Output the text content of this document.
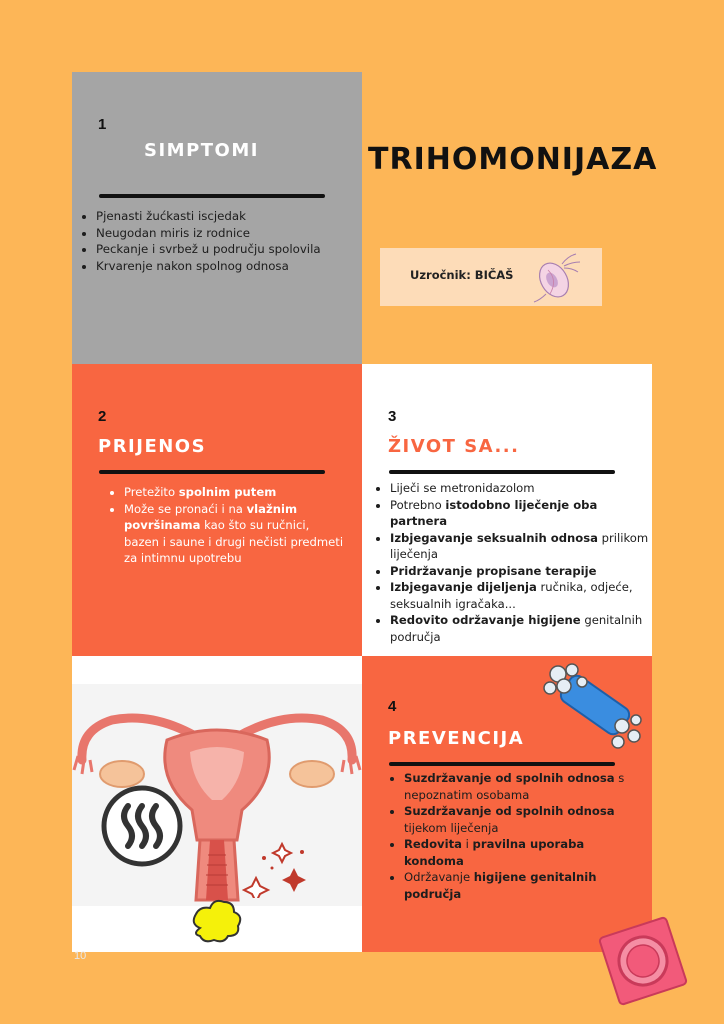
1
SIMPTOMI
• Pjenasti žućkasti iscjedak
• Neugodan miris iz rodnice
• Peckanje i svrbež u području spolovila
• Krvarenje nakon spolnog odnosa
TRIHOMONIJAZA
Uzročnik: BIČAŠ
2
PRIJENOS
• Pretežito spolnim putem
• Može se pronaći i na vlažnim površinama kao što su ručnici, bazen i saune i drugi nečisti predmeti za intimnu upotrebu
3
ŽIVOT SA...
• Liječi se metronidazolom
• Potrebno istodobno liječenje oba partnera
• Izbjegavanje seksualnih odnosa prilikom liječenja
• Pridržavanje propisane terapije
• Izbjegavanje dijeljenja ručnika, odjeće, seksualnih igračaka...
• Redovito održavanje higijene genitalnih područja
4
PREVENCIJA
• Suzdržavanje od spolnih odnosa s nepoznatim osobama
• Suzdržavanje od spolnih odnosa tijekom liječenja
• Redovita i pravilna uporaba kondoma
• Održavanje higijene genitalnih područja
10
